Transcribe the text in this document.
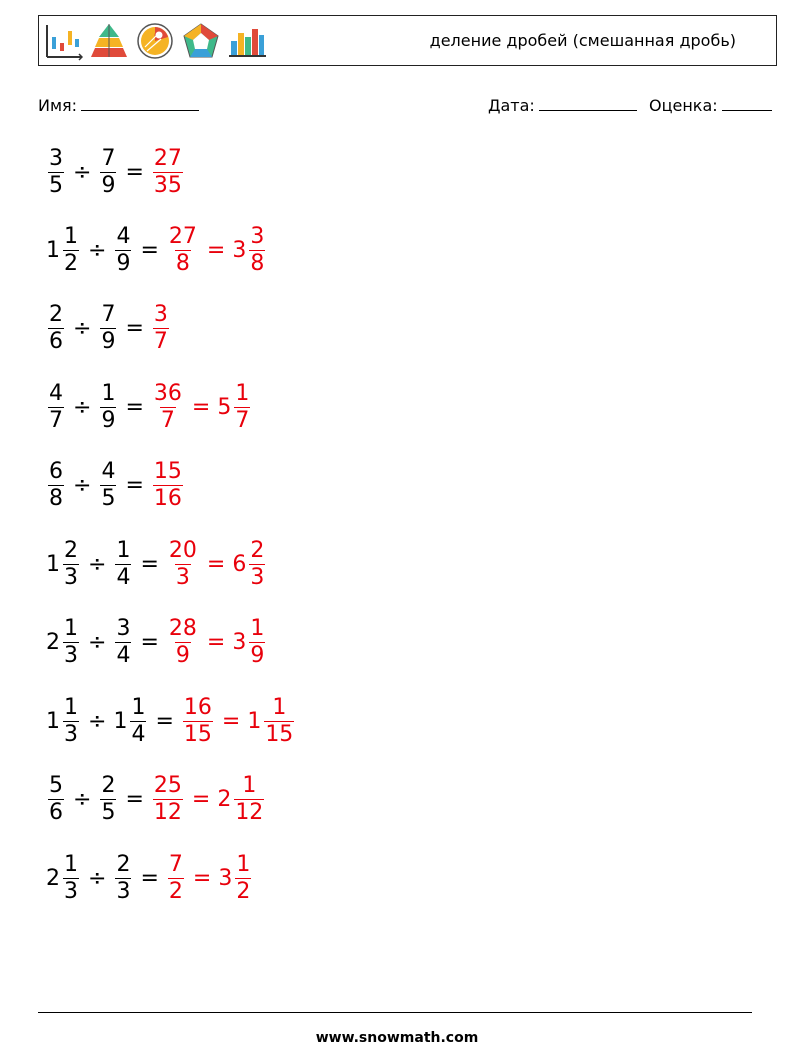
деление дробей (смешанная дробь)
Имя:	Дата:	Оценка:
$\frac{3}{5} \div \frac{7}{9} = \frac{27}{35}$
$1 \frac{1}{2} \div \frac{4}{9} = \frac{27}{8} = 3 \frac{3}{8}$
$\frac{2}{6} \div \frac{7}{9} = \frac{3}{7}$
$\frac{4}{7} \div \frac{1}{9} = \frac{36}{7} = 5 \frac{1}{7}$
$\frac{6}{8} \div \frac{4}{5} = \frac{15}{16}$
$1 \frac{2}{3} \div \frac{1}{4} = \frac{20}{3} = 6 \frac{2}{3}$
$2 \frac{1}{3} \div \frac{3}{4} = \frac{28}{9} = 3 \frac{1}{9}$
$1 \frac{1}{3} \div 1 \frac{1}{4} = \frac{16}{15} = 1 \frac{1}{15}$
$\frac{5}{6} \div \frac{2}{5} = \frac{25}{12} = 2 \frac{1}{12}$
$2 \frac{1}{3} \div \frac{2}{3} = \frac{7}{2} = 3 \frac{1}{2}$
www.snowmath.com
